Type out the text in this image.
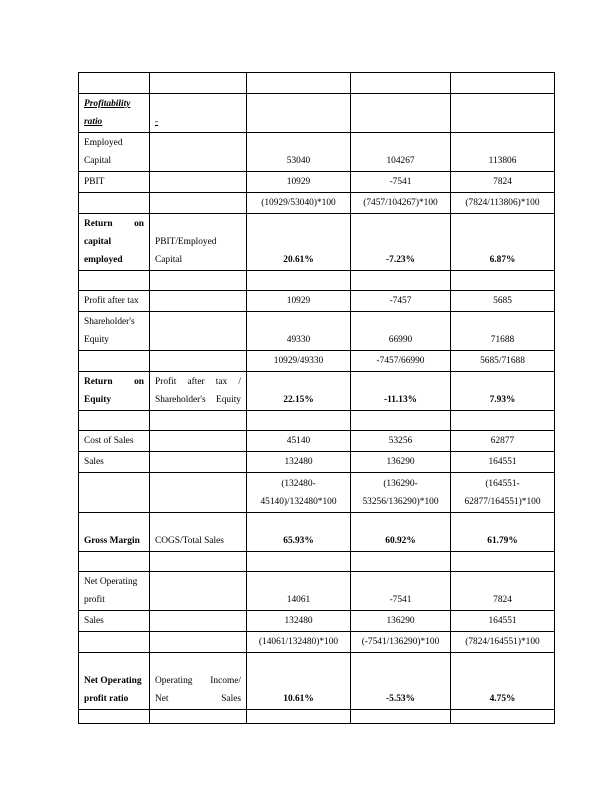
Profitability ratio	-			
Employed Capital		53040	104267	113806
PBIT		10929	-7541	7824
		(10929/53040)*100	(7457/104267)*100	(7824/113806)*100
Return on capital employed	PBIT/Employed Capital	20.61%	-7.23%	6.87%

Profit after tax		10929	-7457	5685
Shareholder's Equity		49330	66990	71688
		10929/49330	-7457/66990	5685/71688
Return on Equity	Profit after tax / Shareholder's Equity	22.15%	-11.13%	7.93%

Cost of Sales		45140	53256	62877
Sales		132480	136290	164551
		(132480-45140)/132480*100	(136290-53256/136290)*100	(164551-62877/164551)*100
Gross Margin	COGS/Total Sales	65.93%	60.92%	61.79%

Net Operating profit		14061	-7541	7824
Sales		132480	136290	164551
		(14061/132480)*100	(-7541/136290)*100	(7824/164551)*100
Net Operating profit ratio	Operating Income/ Net Sales	10.61%	-5.53%	4.75%
